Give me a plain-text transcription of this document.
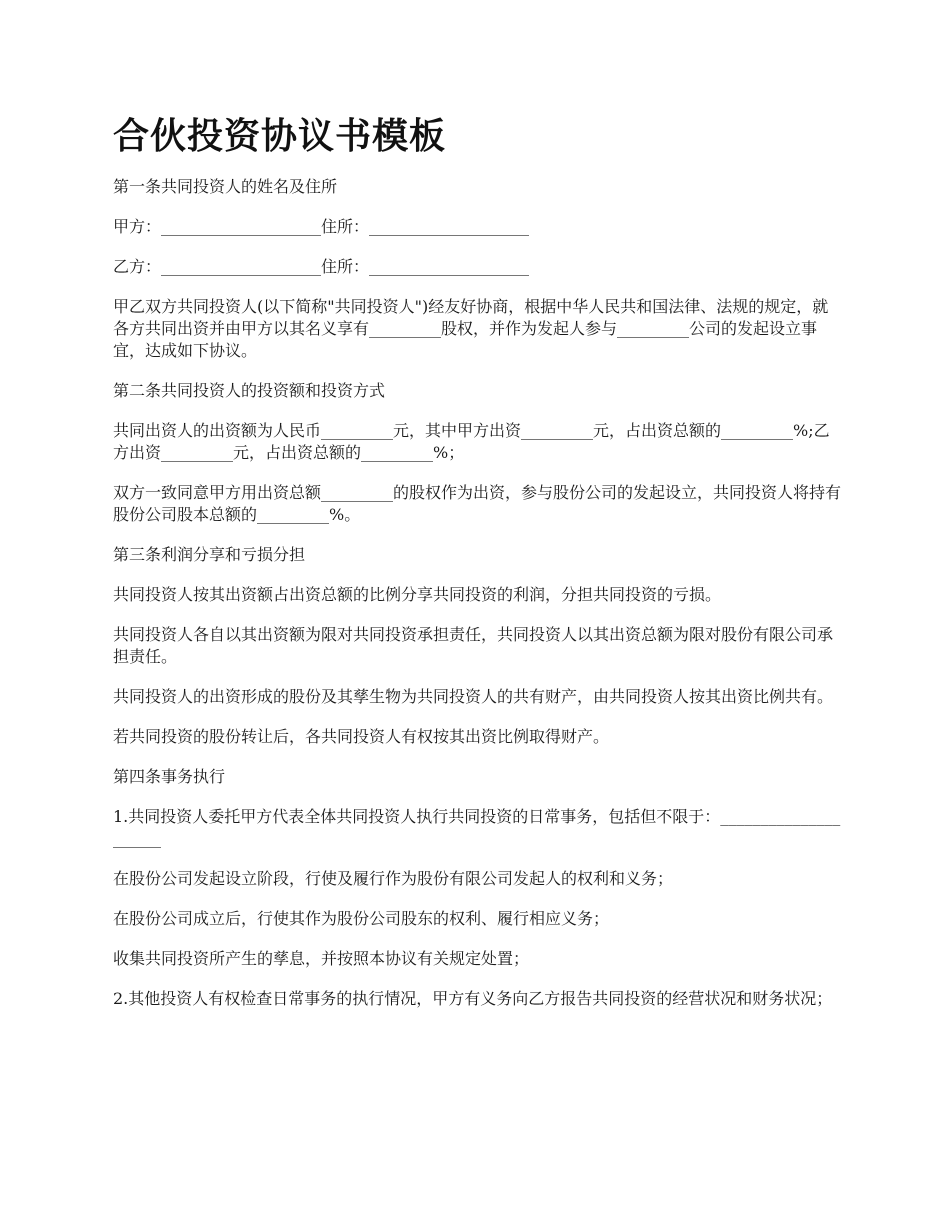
合伙投资协议书模板

第一条共同投资人的姓名及住所

甲方：____________________住所：____________________

乙方：____________________住所：____________________

甲乙双方共同投资人(以下简称"共同投资人")经友好协商，根据中华人民共和国法律、法规的规定，就各方共同出资并由甲方以其名义享有_________股权，并作为发起人参与_________公司的发起设立事宜，达成如下协议。

第二条共同投资人的投资额和投资方式

共同出资人的出资额为人民币_________元，其中甲方出资_________元，占出资总额的_________%;乙方出资_________元，占出资总额的_________%；

双方一致同意甲方用出资总额_________的股权作为出资，参与股份公司的发起设立，共同投资人将持有股份公司股本总额的_________%。

第三条利润分享和亏损分担

共同投资人按其出资额占出资总额的比例分享共同投资的利润，分担共同投资的亏损。

共同投资人各自以其出资额为限对共同投资承担责任，共同投资人以其出资总额为限对股份有限公司承担责任。

共同投资人的出资形成的股份及其孳生物为共同投资人的共有财产，由共同投资人按其出资比例共有。

若共同投资的股份转让后，各共同投资人有权按其出资比例取得财产。

第四条事务执行

1.共同投资人委托甲方代表全体共同投资人执行共同投资的日常事务，包括但不限于：_____________________

在股份公司发起设立阶段，行使及履行作为股份有限公司发起人的权利和义务；

在股份公司成立后，行使其作为股份公司股东的权利、履行相应义务；

收集共同投资所产生的孳息，并按照本协议有关规定处置；

2.其他投资人有权检查日常事务的执行情况，甲方有义务向乙方报告共同投资的经营状况和财务状况；
